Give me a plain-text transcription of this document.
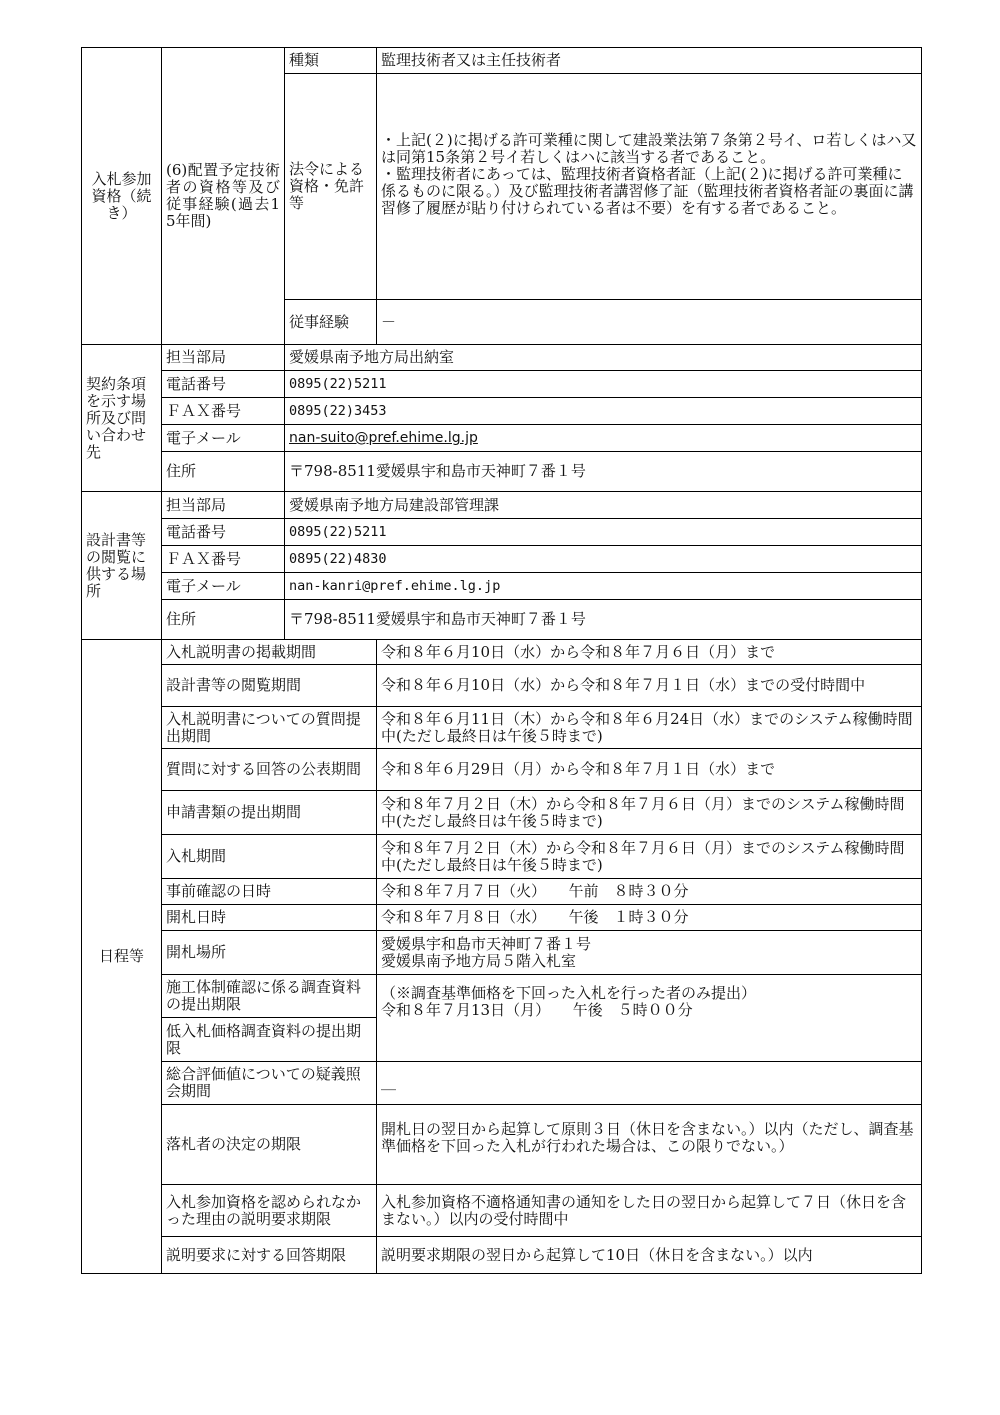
入札参加資格（続き）	(6)配置予定技術者の資格等及び従事経験(過去15年間)	種類	監理技術者又は主任技術者
		法令による資格・免許等	・上記(２)に掲げる許可業種に関して建設業法第７条第２号イ、ロ若しくはハ又は同第15条第２号イ若しくはハに該当する者であること。
・監理技術者にあっては、監理技術者資格者証（上記(２)に掲げる許可業種に係るものに限る。）及び監理技術者講習修了証（監理技術者資格者証の裏面に講習修了履歴が貼り付けられている者は不要）を有する者であること。

		従事経験	－
契約条項を示す場所及び問い合わせ先	担当部局	愛媛県南予地方局出納室	
	電話番号	0895(22)5211	
	ＦＡＸ番号	0895(22)3453	
	電子メール	nan-suito@pref.ehime.lg.jp	
	住所	〒798-8511愛媛県宇和島市天神町７番１号	
設計書等の閲覧に供する場所	担当部局	愛媛県南予地方局建設部管理課	
	電話番号	0895(22)5211	
	ＦＡＸ番号	0895(22)4830	
	電子メール	nan-kanri@pref.ehime.lg.jp	
	住所	〒798-8511愛媛県宇和島市天神町７番１号	
日程等	入札説明書の掲載期間		令和８年６月10日（水）から令和８年７月６日（月）まで
	設計書等の閲覧期間		令和８年６月10日（水）から令和８年７月１日（水）までの受付時間中
	入札説明書についての質問提出期間		令和８年６月11日（木）から令和８年６月24日（水）までのシステム稼働時間中(ただし最終日は午後５時まで)
	質問に対する回答の公表期間		令和８年６月29日（月）から令和８年７月１日（水）まで
	申請書類の提出期間		令和８年７月２日（木）から令和８年７月６日（月）までのシステム稼働時間中(ただし最終日は午後５時まで)
	入札期間		令和８年７月２日（木）から令和８年７月６日（月）までのシステム稼働時間中(ただし最終日は午後５時まで)
	事前確認の日時		令和８年７月７日（火）　　午前　８時３０分
	開札日時		令和８年７月８日（水）　　午後　１時３０分
	開札場所		愛媛県宇和島市天神町７番１号
愛媛県南予地方局５階入札室

	施工体制確認に係る調査資料の提出期限		（※調査基準価格を下回った入札を行った者のみ提出）
令和８年７月13日（月）　　午後　５時００分

	低入札価格調査資料の提出期限		
	総合評価値についての疑義照会期間		＿
	落札者の決定の期限		開札日の翌日から起算して原則３日（休日を含まない。）以内（ただし、調査基準価格を下回った入札が行われた場合は、この限りでない。）
	入札参加資格を認められなかった理由の説明要求期限		入札参加資格不適格通知書の通知をした日の翌日から起算して７日（休日を含まない。）以内の受付時間中
	説明要求に対する回答期限		説明要求期限の翌日から起算して10日（休日を含まない。）以内
